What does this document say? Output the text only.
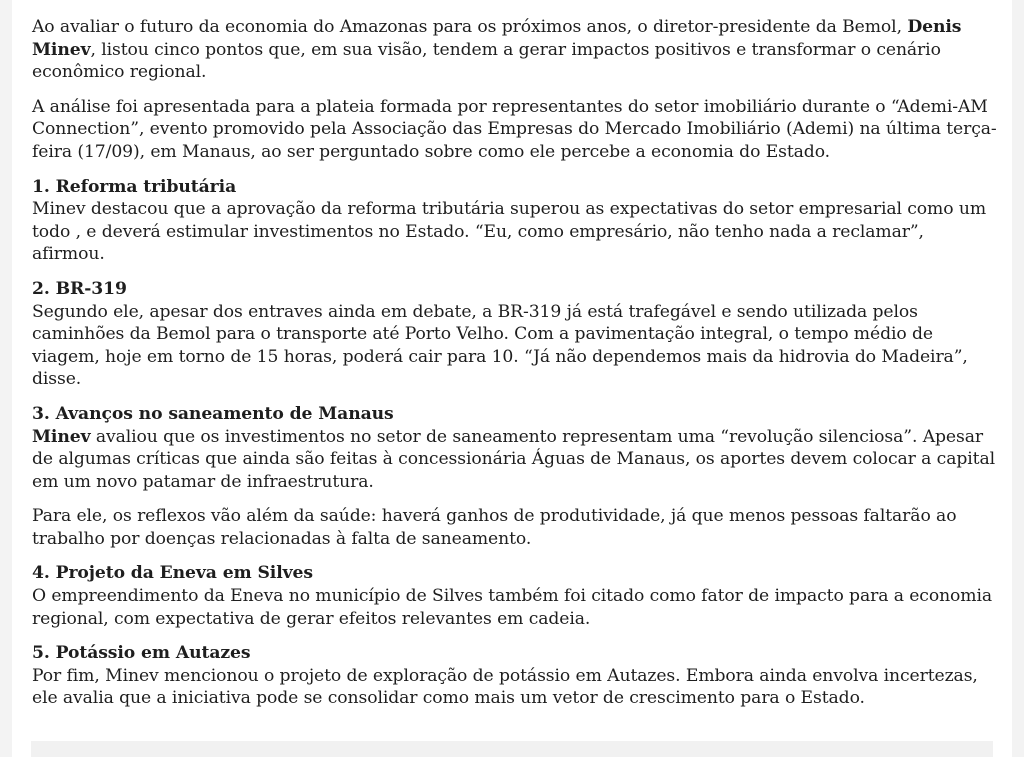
Ao avaliar o futuro da economia do Amazonas para os próximos anos, o diretor-presidente da Bemol, Denis Minev, listou cinco pontos que, em sua visão, tendem a gerar impactos positivos e transformar o cenário econômico regional.

A análise foi apresentada para a plateia formada por representantes do setor imobiliário durante o “Ademi-AM Connection”, evento promovido pela Associação das Empresas do Mercado Imobiliário (Ademi) na última terça-feira (17/09), em Manaus, ao ser perguntado sobre como ele percebe a economia do Estado.

1. Reforma tributária
Minev destacou que a aprovação da reforma tributária superou as expectativas do setor empresarial como um todo , e deverá estimular investimentos no Estado. “Eu, como empresário, não tenho nada a reclamar”, afirmou.
2. BR-319
Segundo ele, apesar dos entraves ainda em debate, a BR-319 já está trafegável e sendo utilizada pelos caminhões da Bemol para o transporte até Porto Velho. Com a pavimentação integral, o tempo médio de viagem, hoje em torno de 15 horas, poderá cair para 10. “Já não dependemos mais da hidrovia do Madeira”, disse.
3. Avanços no saneamento de Manaus
Minev avaliou que os investimentos no setor de saneamento representam uma “revolução silenciosa”. Apesar de algumas críticas que ainda são feitas à concessionária Águas de Manaus, os aportes devem colocar a capital em um novo patamar de infraestrutura.

Para ele, os reflexos vão além da saúde: haverá ganhos de produtividade, já que menos pessoas faltarão ao trabalho por doenças relacionadas à falta de saneamento.

4. Projeto da Eneva em Silves
O empreendimento da Eneva no município de Silves também foi citado como fator de impacto para a economia regional, com expectativa de gerar efeitos relevantes em cadeia.
5. Potássio em Autazes
Por fim, Minev mencionou o projeto de exploração de potássio em Autazes. Embora ainda envolva incertezas, ele avalia que a iniciativa pode se consolidar como mais um vetor de crescimento para o Estado.
